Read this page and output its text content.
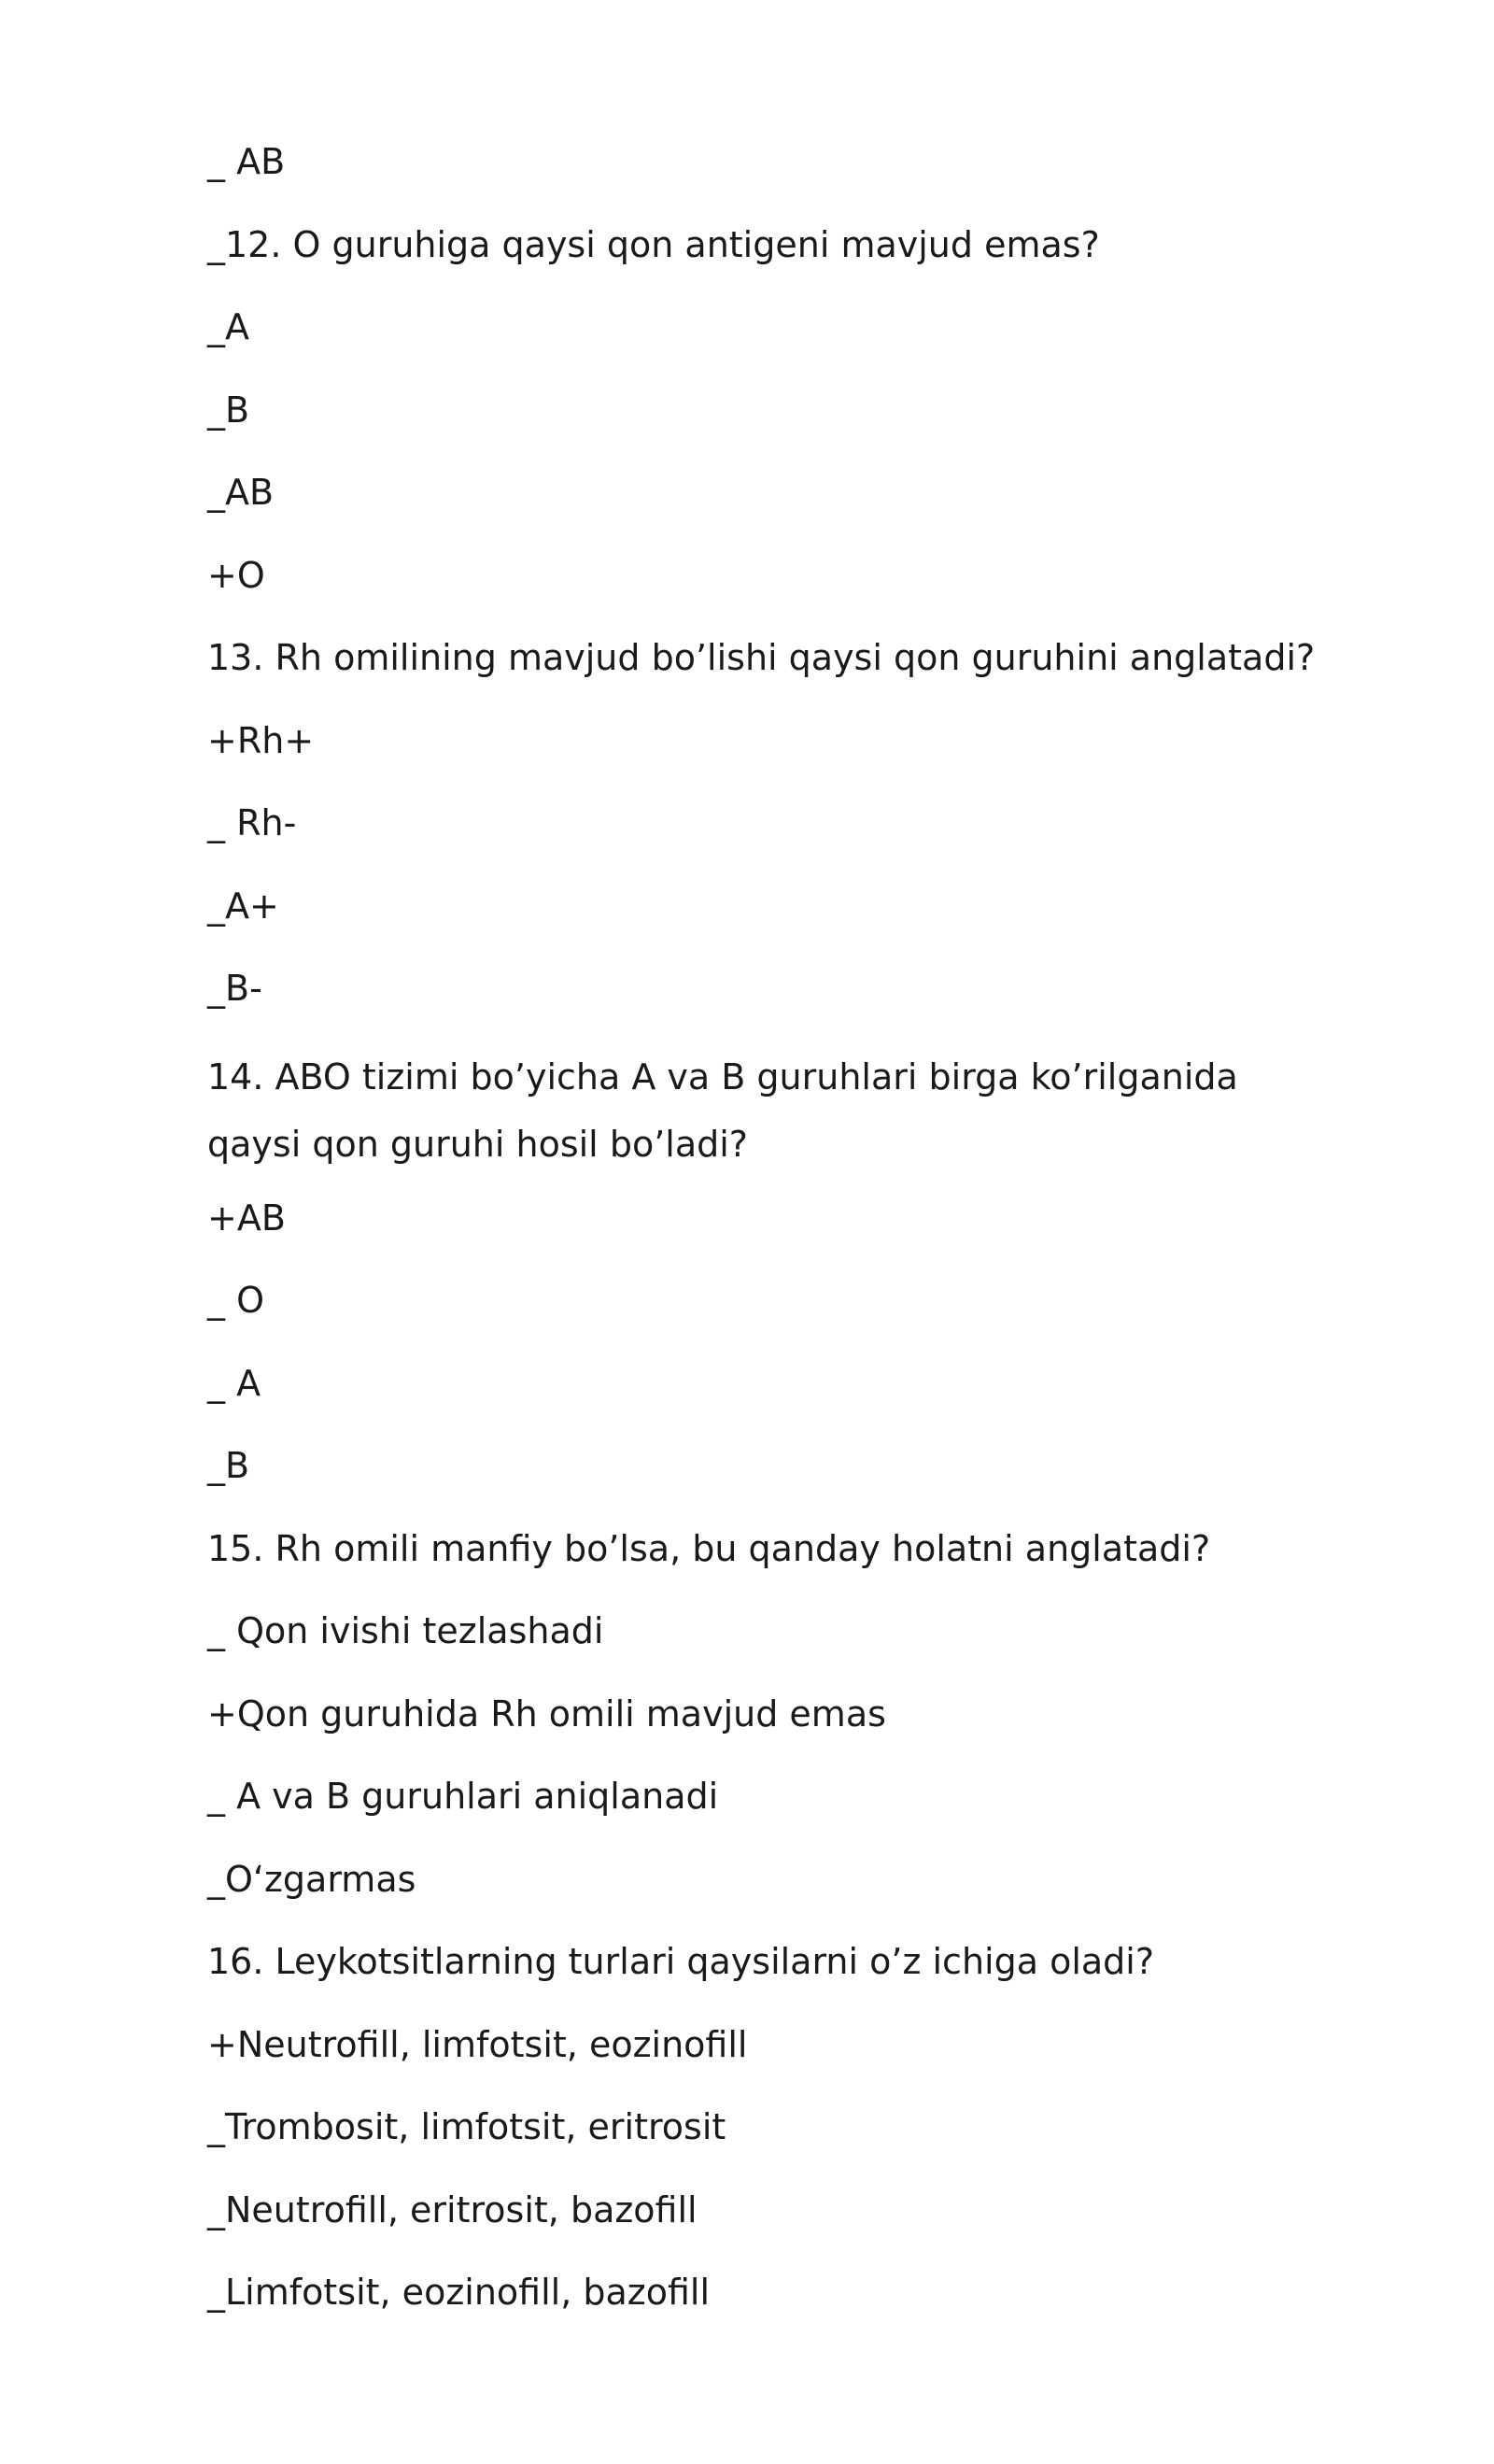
_ AB
_12. O guruhiga qaysi qon antigeni mavjud emas?
_A
_B
_AB
+O
13. Rh omilining mavjud bo’lishi qaysi qon guruhini anglatadi?
+Rh+
_ Rh-
_A+
_B-
14. ABO tizimi bo’yicha A va B guruhlari birga ko’rilganida qaysi qon guruhi hosil bo’ladi?
+AB
_ O
_ A
_B
15. Rh omili manfiy bo’lsa, bu qanday holatni anglatadi?
_ Qon ivishi tezlashadi
+Qon guruhida Rh omili mavjud emas
_ A va B guruhlari aniqlanadi
_O‘zgarmas
16. Leykotsitlarning turlari qaysilarni o’z ichiga oladi?
+Neutrofill, limfotsit, eozinofill
_Trombosit, limfotsit, eritrosit
_Neutrofill, eritrosit, bazofill
_Limfotsit, eozinofill, bazofill
